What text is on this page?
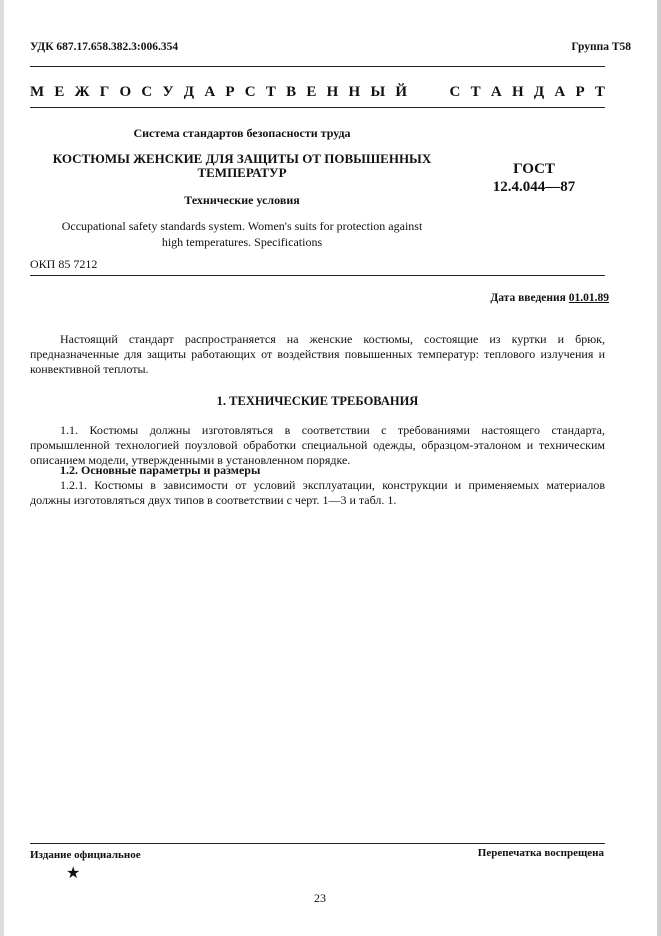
УДК 687.17.658.382.3:006.354	Группа Т58
М Е Ж Г О С У Д А Р С Т В Е Н Н Ы Й	С Т А Н Д А Р Т
Система стандартов безопасности труда
КОСТЮМЫ ЖЕНСКИЕ ДЛЯ ЗАЩИТЫ ОТ ПОВЫШЕННЫХ
ТЕМПЕРАТУР	ГОСТ
12.4.044—87
Технические условия
Occupational safety standards system. Women's suits for protection against
high temperatures. Specifications
ОКП 85 7212
Дата введения 01.01.89
Настоящий стандарт распространяется на женские костюмы, состоящие из куртки и брюк, предназначенные для защиты работающих от воздействия повышенных температур: теплового излучения и конвективной теплоты.
1. ТЕХНИЧЕСКИЕ ТРЕБОВАНИЯ
1.1. Костюмы должны изготовляться в соответствии с требованиями настоящего стандарта, промышленной технологией поузловой обработки специальной одежды, образцом-эталоном и техническим описанием модели, утвержденными в установленном порядке.
1.2. Основные параметры и размеры
1.2.1. Костюмы в зависимости от условий эксплуатации, конструкции и применяемых материалов должны изготовляться двух типов в соответствии с черт. 1—3 и табл. 1.
Издание официальное	Перепечатка воспрещена
★
23
